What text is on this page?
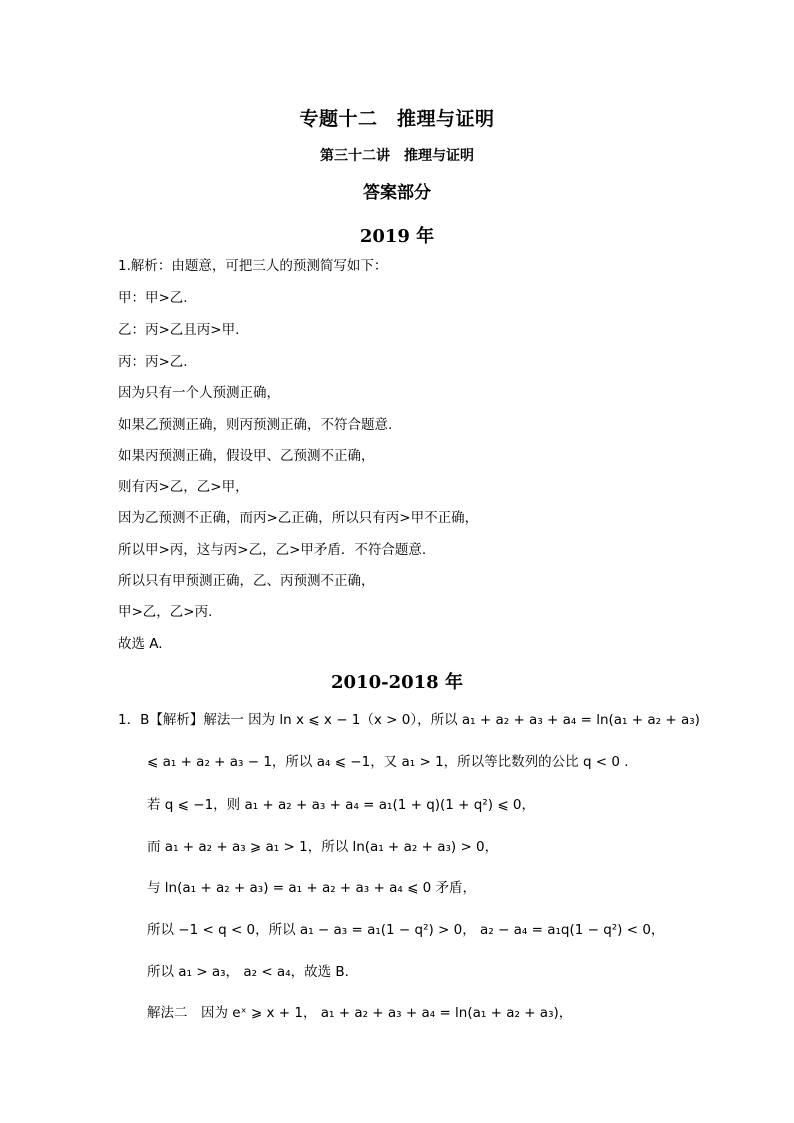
专题十二　推理与证明
第三十二讲　推理与证明
答案部分
2019 年
1.解析：由题意，可把三人的预测简写如下：
甲：甲>乙.
乙：丙>乙且丙>甲.
丙：丙>乙.
因为只有一个人预测正确，
如果乙预测正确，则丙预测正确，不符合题意.
如果丙预测正确，假设甲、乙预测不正确，
则有丙>乙，乙>甲，
因为乙预测不正确，而丙>乙正确，所以只有丙>甲不正确，
所以甲>丙，这与丙>乙，乙>甲矛盾．不符合题意.
所以只有甲预测正确，乙、丙预测不正确，
甲>乙，乙>丙.
故选 A.
2010-2018 年
1．B【解析】解法一 因为 ln x ⩽ x − 1（x > 0），所以 a₁ + a₂ + a₃ + a₄ = ln(a₁ + a₂ + a₃)
⩽ a₁ + a₂ + a₃ − 1，所以 a₄ ⩽ −1，又 a₁ > 1，所以等比数列的公比 q < 0 .
若 q ⩽ −1，则 a₁ + a₂ + a₃ + a₄ = a₁(1 + q)(1 + q²) ⩽ 0，
而 a₁ + a₂ + a₃ ⩾ a₁ > 1，所以 ln(a₁ + a₂ + a₃) > 0，
与 ln(a₁ + a₂ + a₃) = a₁ + a₂ + a₃ + a₄ ⩽ 0 矛盾，
所以 −1 < q < 0，所以 a₁ − a₃ = a₁(1 − q²) > 0， a₂ − a₄ = a₁q(1 − q²) < 0，
所以 a₁ > a₃， a₂ < a₄，故选 B.
解法二　因为 eˣ ⩾ x + 1， a₁ + a₂ + a₃ + a₄ = ln(a₁ + a₂ + a₃)，
